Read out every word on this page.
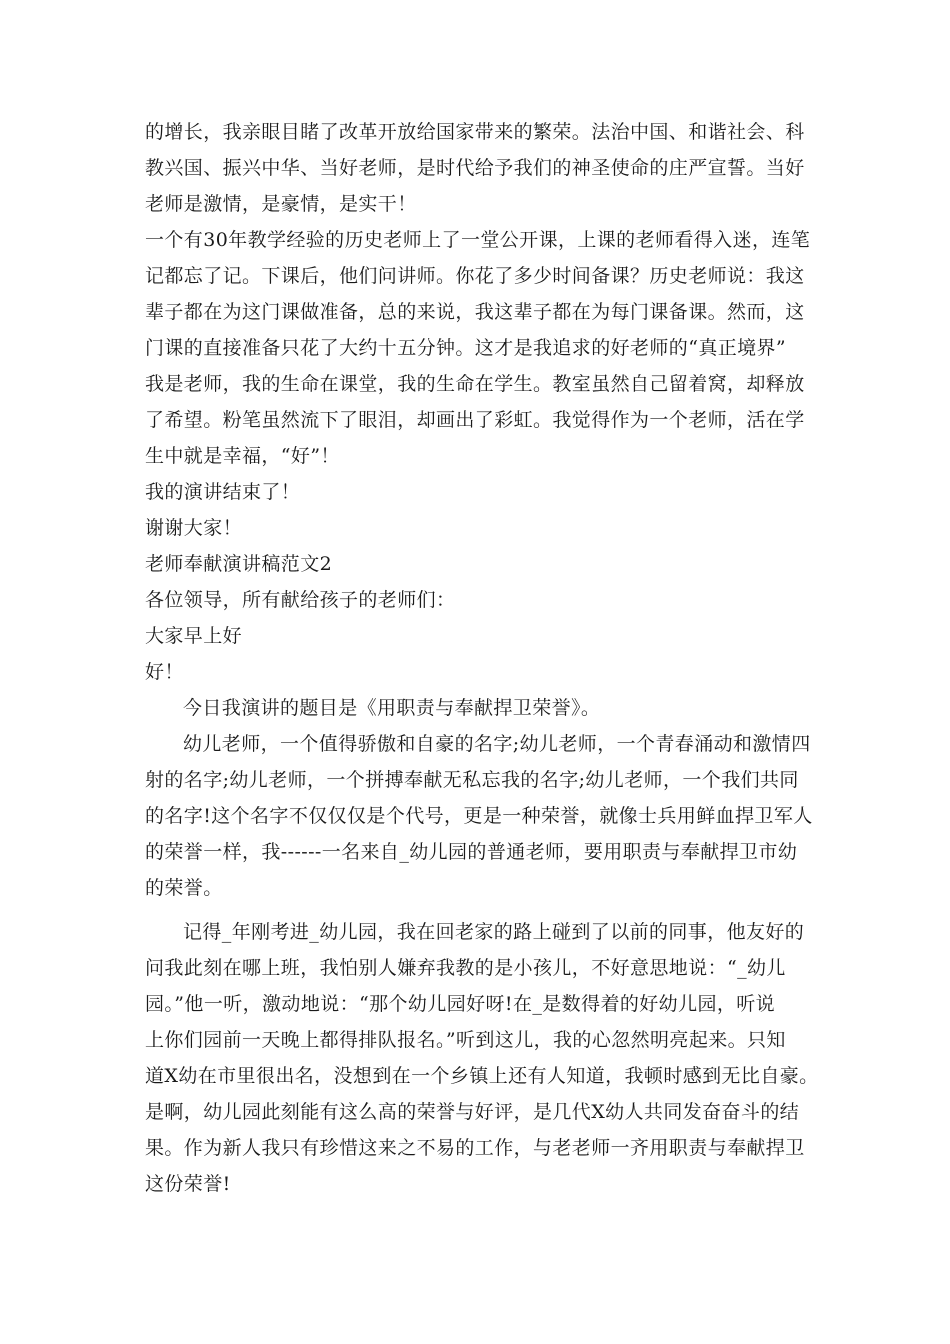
的增长，我亲眼目睹了改革开放给国家带来的繁荣。法治中国、和谐社会、科
教兴国、振兴中华、当好老师，是时代给予我们的神圣使命的庄严宣誓。当好
老师是激情，是豪情，是实干！
一个有30年教学经验的历史老师上了一堂公开课，上课的老师看得入迷，连笔
记都忘了记。下课后，他们问讲师。你花了多少时间备课？历史老师说：我这
辈子都在为这门课做准备，总的来说，我这辈子都在为每门课备课。然而，这
门课的直接准备只花了大约十五分钟。这才是我追求的好老师的“真正境界”
我是老师，我的生命在课堂，我的生命在学生。教室虽然自己留着窝，却释放
了希望。粉笔虽然流下了眼泪，却画出了彩虹。我觉得作为一个老师，活在学
生中就是幸福，“好”！
我的演讲结束了！
谢谢大家！
老师奉献演讲稿范文2
各位领导，所有献给孩子的老师们：
大家早上好
好！
今日我演讲的题目是《用职责与奉献捍卫荣誉》。
幼儿老师，一个值得骄傲和自豪的名字;幼儿老师，一个青春涌动和激情四
射的名字;幼儿老师，一个拼搏奉献无私忘我的名字;幼儿老师，一个我们共同
的名字!这个名字不仅仅仅是个代号，更是一种荣誉，就像士兵用鲜血捍卫军人
的荣誉一样，我------一名来自_幼儿园的普通老师，要用职责与奉献捍卫市幼
的荣誉。
记得_年刚考进_幼儿园，我在回老家的路上碰到了以前的同事，他友好的
问我此刻在哪上班，我怕别人嫌弃我教的是小孩儿，不好意思地说：“_幼儿
园。”他一听，激动地说：“那个幼儿园好呀!在_是数得着的好幼儿园，听说
上你们园前一天晚上都得排队报名。”听到这儿，我的心忽然明亮起来。只知
道X幼在市里很出名，没想到在一个乡镇上还有人知道，我顿时感到无比自豪。
是啊，幼儿园此刻能有这么高的荣誉与好评，是几代X幼人共同发奋奋斗的结
果。作为新人我只有珍惜这来之不易的工作，与老老师一齐用职责与奉献捍卫
这份荣誉!
